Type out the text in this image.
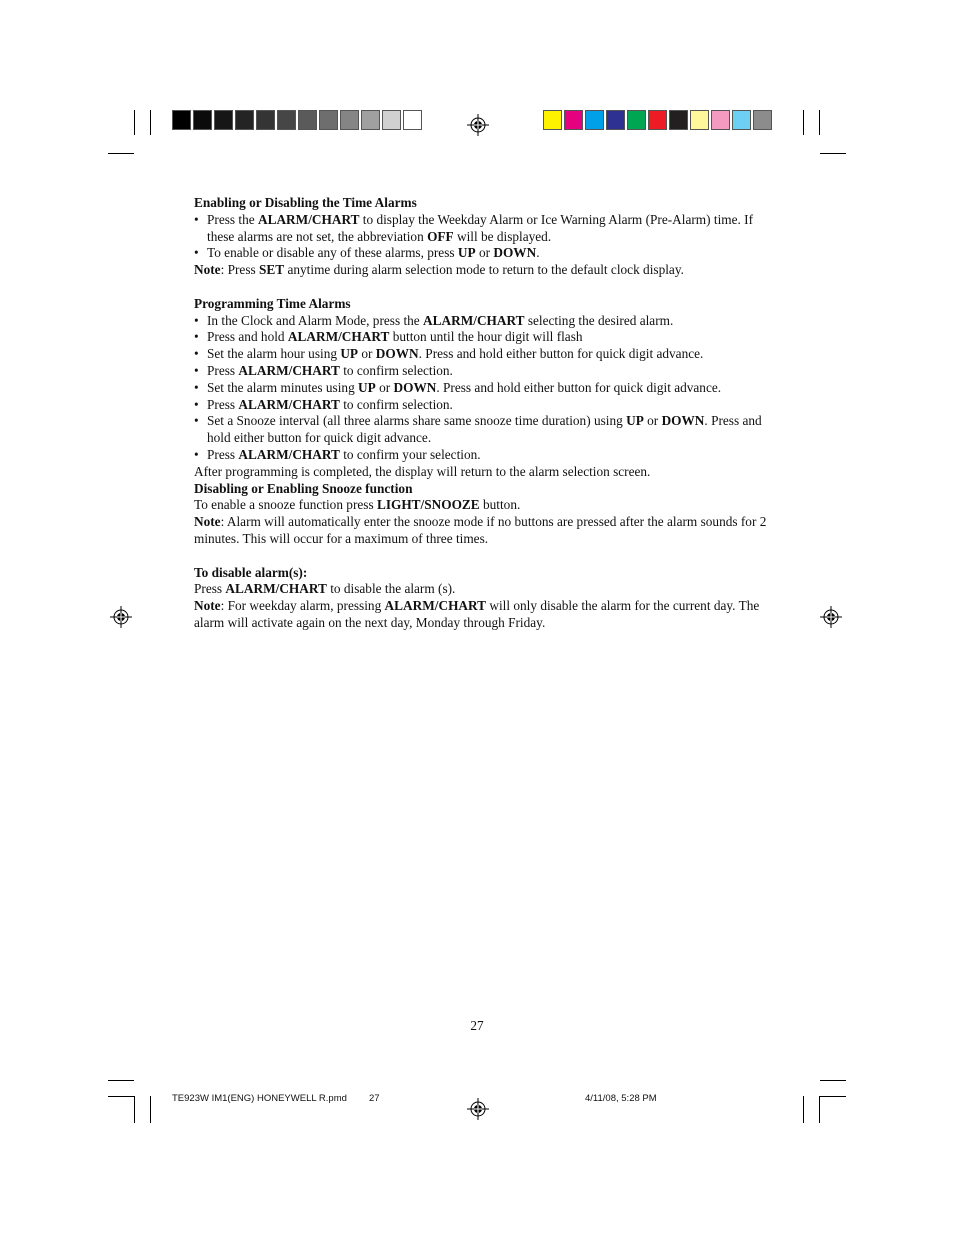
Enabling or Disabling the Time Alarms

• Press the ALARM/CHART to display the Weekday Alarm or Ice Warning Alarm (Pre-Alarm) time. If these alarms are not set, the abbreviation OFF will be displayed.

• To enable or disable any of these alarms, press UP or DOWN.

Note: Press SET anytime during alarm selection mode to return to the default clock display.

Programming Time Alarms

• In the Clock and Alarm Mode, press the ALARM/CHART selecting the desired alarm.

• Press and hold ALARM/CHART button until the hour digit will flash

• Set the alarm hour using UP or DOWN. Press and hold either button for quick digit advance.

• Press ALARM/CHART to confirm selection.

• Set the alarm minutes using UP or DOWN. Press and hold either button for quick digit advance.

• Press ALARM/CHART to confirm selection.

• Set a Snooze interval (all three alarms share same snooze time duration) using UP or DOWN. Press and hold either button for quick digit advance.

• Press ALARM/CHART to confirm your selection.

After programming is completed, the display will return to the alarm selection screen.

Disabling or Enabling Snooze function

To enable a snooze function press LIGHT/SNOOZE button.

Note: Alarm will automatically enter the snooze mode if no buttons are pressed after the alarm sounds for 2 minutes. This will occur for a maximum of three times.

To disable alarm(s):

Press ALARM/CHART to disable the alarm (s).

Note: For weekday alarm, pressing ALARM/CHART will only disable the alarm for the current day. The alarm will activate again on the next day, Monday through Friday.

27
TE923W IM1(ENG) HONEYWELL R.pmd 27	4/11/08, 5:28 PM
